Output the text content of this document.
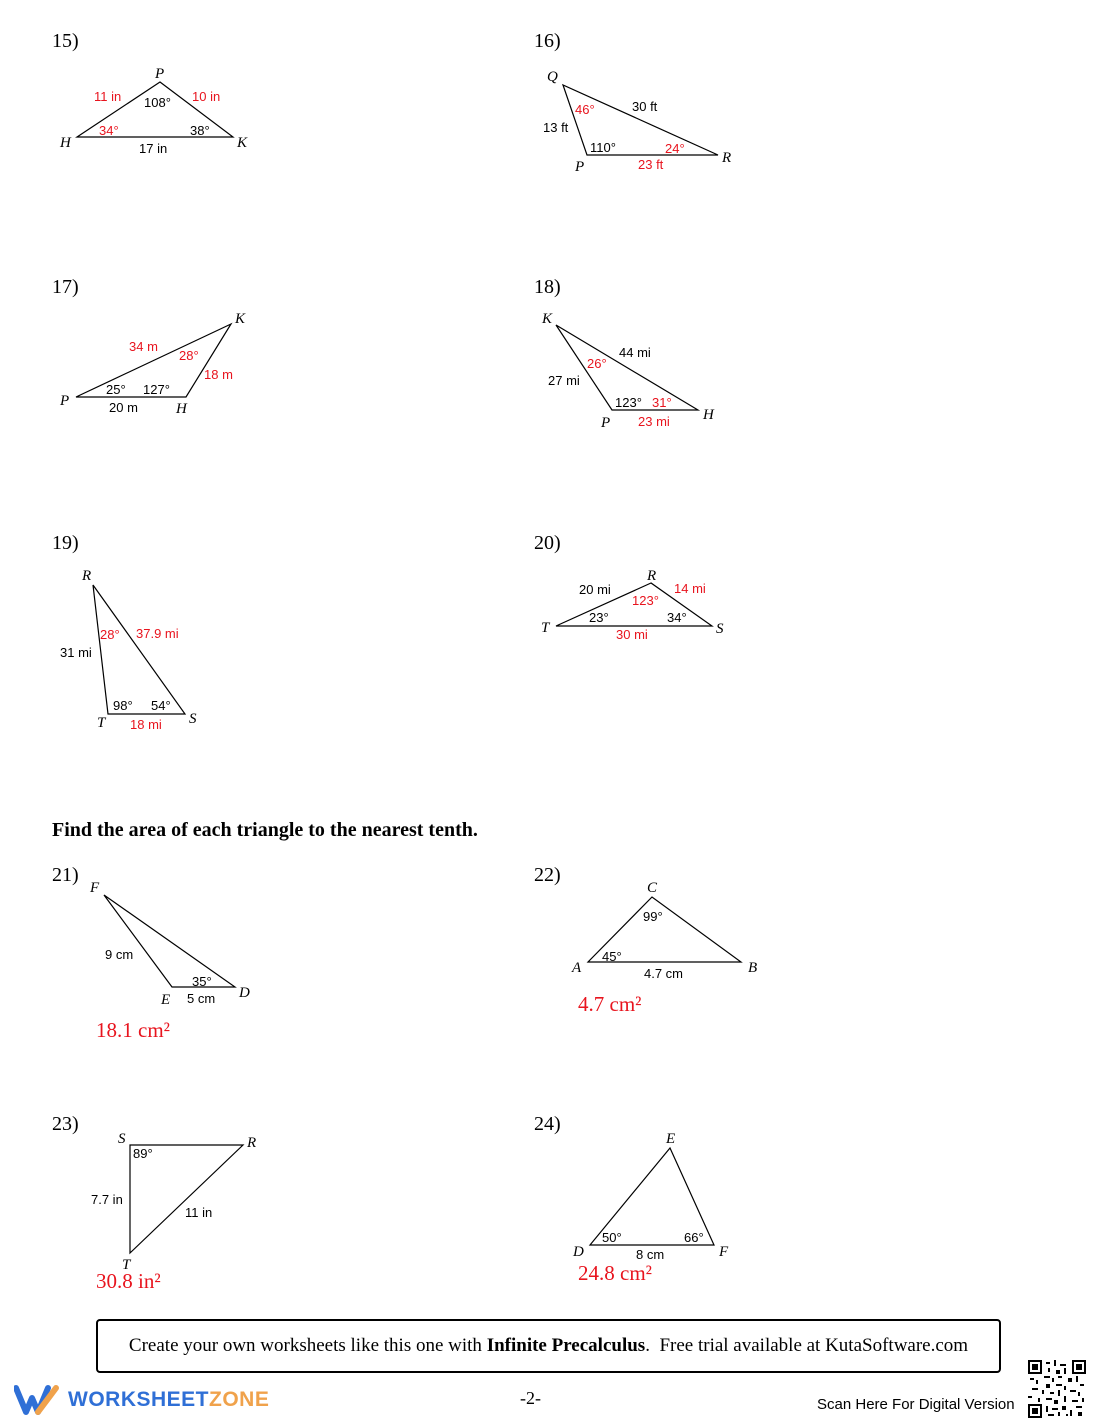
15)	16)
17)	18)
19)	20)
Find the area of each triangle to the nearest tenth.
21)	22)
23)	24)
P
H	K
11 in	10 in
17 in
108°
34°	38°
Q
P
R
30 ft
13 ft
23 ft
46°
110°	24°
K
P	H
34 m
18 m
20 m
28°
25° 127°
K
P	H
44 mi
27 mi
23 mi
26°
123° 31°
R
T	S
37.9 mi
31 mi
18 mi
28°
98° 54°
R
T	S
20 mi	14 mi
30 mi
123°
23°	34°
F
E	D
9 cm
5 cm
35°
C
A	B
4.7 cm
99°
45°
S	R
T
7.7 in
11 in
89°
E
D	F
8 cm
50°	66°
18.1 cm²
4.7 cm²
30.8 in²	24.8 cm²
Create your own worksheets like this one with Infinite Precalculus .  Free trial available at KutaSoftware.com
WORKSHEETZONE	-2-	Scan Here For Digital Version
